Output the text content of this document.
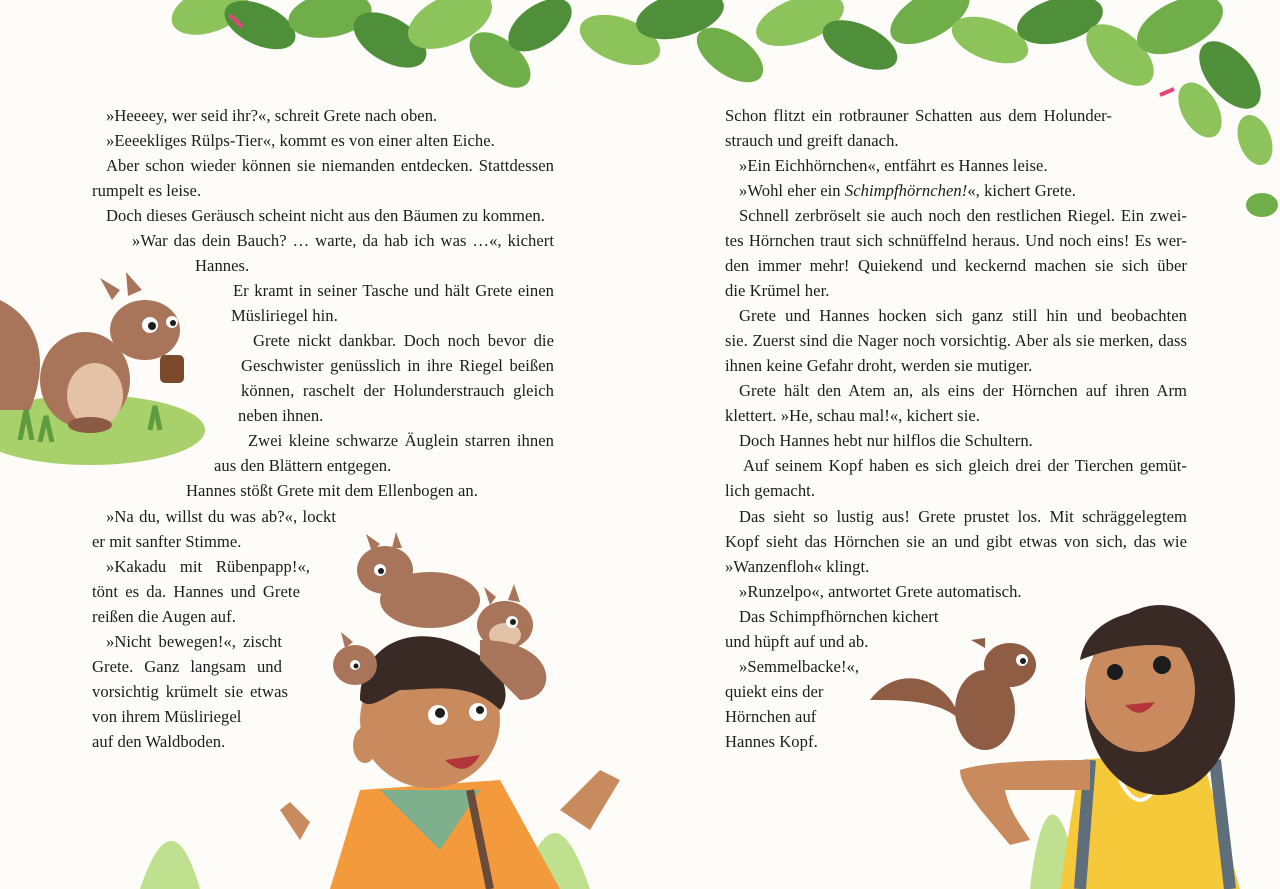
»Heeeey, wer seid ihr?«, schreit Grete nach oben.
»Eeeekliges Rülps-Tier«, kommt es von einer alten Eiche.
Aber schon wieder können sie niemanden entdecken. Stattdessen
rumpelt es leise.
Doch dieses Geräusch scheint nicht aus den Bäumen zu kommen.
»War das dein Bauch? … warte, da hab ich was …«, kichert
Hannes.
Er kramt in seiner Tasche und hält Grete einen
Müsliriegel hin.
Grete nickt dankbar. Doch noch bevor die
Geschwister genüsslich in ihre Riegel beißen
können, raschelt der Holunderstrauch gleich
neben ihnen.
Zwei kleine schwarze Äuglein starren ihnen
aus den Blättern entgegen.
Hannes stößt Grete mit dem Ellenbogen an.
»Na du, willst du was ab?«, lockt
er mit sanfter Stimme.
»Kakadu mit Rübenpapp!«,
tönt es da. Hannes und Grete
reißen die Augen auf.
»Nicht bewegen!«, zischt
Grete. Ganz langsam und
vorsichtig krümelt sie etwas
von ihrem Müsliriegel
auf den Waldboden.
Schon flitzt ein rotbrauner Schatten aus dem Holunder-
strauch und greift danach.
»Ein Eichhörnchen«, entfährt es Hannes leise.
»Wohl eher ein Schimpfhörnchen!«, kichert Grete.
Schnell zerbröselt sie auch noch den restlichen Riegel. Ein zwei-
tes Hörnchen traut sich schnüffelnd heraus. Und noch eins! Es wer-
den immer mehr! Quiekend und keckernd machen sie sich über
die Krümel her.
Grete und Hannes hocken sich ganz still hin und beobachten
sie. Zuerst sind die Nager noch vorsichtig. Aber als sie merken, dass
ihnen keine Gefahr droht, werden sie mutiger.
Grete hält den Atem an, als eins der Hörnchen auf ihren Arm
klettert. »He, schau mal!«, kichert sie.
Doch Hannes hebt nur hilflos die Schultern.
Auf seinem Kopf haben es sich gleich drei der Tierchen gemüt-
lich gemacht.
Das sieht so lustig aus! Grete prustet los. Mit schräggelegtem
Kopf sieht das Hörnchen sie an und gibt etwas von sich, das wie
»Wanzenfloh« klingt.
»Runzelpo«, antwortet Grete automatisch.
Das Schimpfhörnchen kichert
und hüpft auf und ab.
»Semmelbacke!«,
quiekt eins der
Hörnchen auf
Hannes Kopf.
